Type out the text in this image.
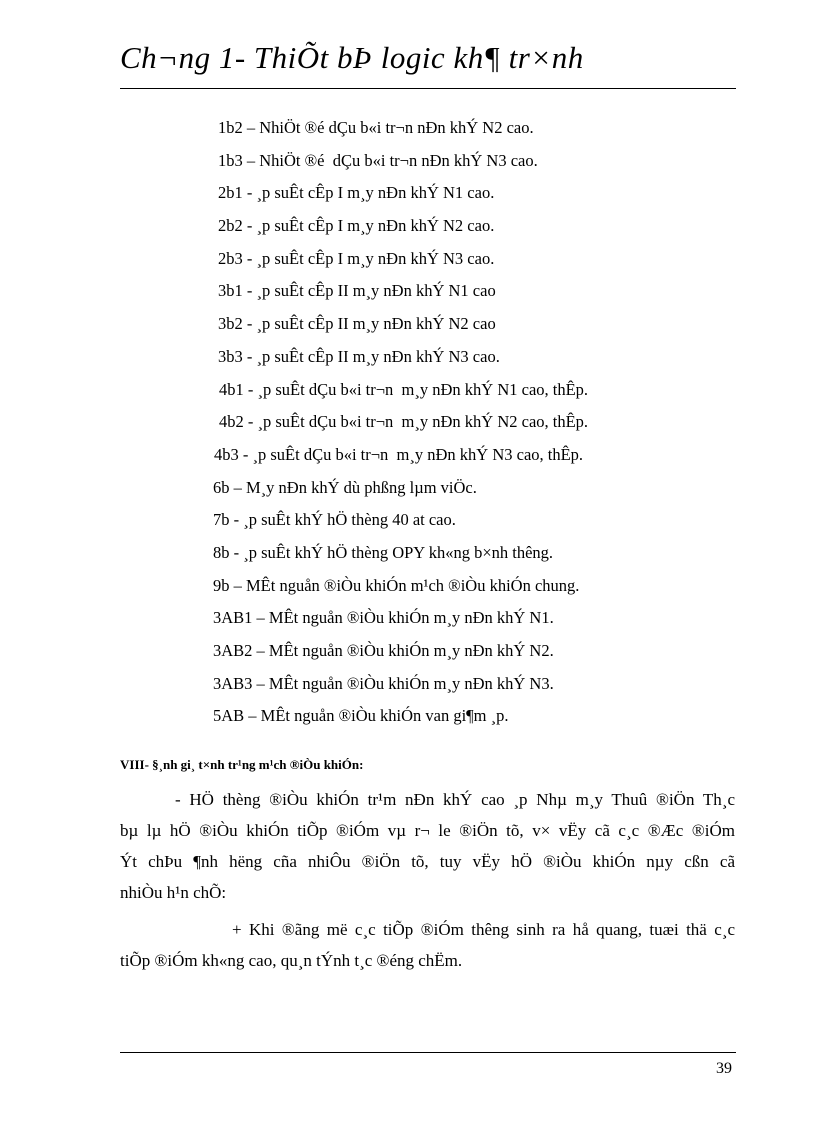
Ch¬ng 1- ThiÕt bÞ logic kh¶ tr×nh
1b2 – NhiÖt ®é dÇu b«i tr¬n nÐn khÝ N2 cao.
1b3 – NhiÖt ®é  dÇu b«i tr¬n nÐn khÝ N3 cao.
2b1 - ¸p suÊt cÊp I m¸y nÐn khÝ N1 cao.
2b2 - ¸p suÊt cÊp I m¸y nÐn khÝ N2 cao.
2b3 - ¸p suÊt cÊp I m¸y nÐn khÝ N3 cao.
3b1 - ¸p suÊt cÊp II m¸y nÐn khÝ N1 cao
3b2 - ¸p suÊt cÊp II m¸y nÐn khÝ N2 cao
3b3 - ¸p suÊt cÊp II m¸y nÐn khÝ N3 cao.
4b1 - ¸p suÊt dÇu b«i tr¬n  m¸y nÐn khÝ N1 cao, thÊp.
4b2 - ¸p suÊt dÇu b«i tr¬n  m¸y nÐn khÝ N2 cao, thÊp.
4b3 - ¸p suÊt dÇu b«i tr¬n  m¸y nÐn khÝ N3 cao, thÊp.
6b – M¸y nÐn khÝ dù phßng lµm viÖc.
7b - ¸p suÊt khÝ hÖ thèng 40 at cao.
8b - ¸p suÊt khÝ hÖ thèng OPY kh«ng b×nh thêng.
9b – MÊt nguån ®iÒu khiÓn m¹ch ®iÒu khiÓn chung.
3AB1 – MÊt nguån ®iÒu khiÓn m¸y nÐn khÝ N1.
3AB2 – MÊt nguån ®iÒu khiÓn m¸y nÐn khÝ N2.
3AB3 – MÊt nguån ®iÒu khiÓn m¸y nÐn khÝ N3.
5AB – MÊt nguån ®iÒu khiÓn van gi¶m ¸p.
VIII- §¸nh gi¸ t×nh tr¹ng m¹ch ®iÒu khiÓn:
- HÖ thèng ®iÒu khiÓn tr¹m nÐn khÝ cao ¸p Nhµ m¸y Thuû ®iÖn Th¸c
bµ lµ hÖ ®iÒu khiÓn tiÕp ®iÓm vµ r¬ le ®iÖn tõ, v× vËy cã c¸c ®Æc ®iÓm
Ýt chÞu ¶nh hëng cña nhiÔu ®iÖn tõ, tuy vËy hÖ ®iÒu khiÓn nµy cßn cã
nhiÒu h¹n chÕ:
+ Khi ®ãng më c¸c tiÕp ®iÓm thêng sinh ra hå quang, tuæi thä c¸c
tiÕp ®iÓm kh«ng cao, qu¸n tÝnh t¸c ®éng chËm.
39
